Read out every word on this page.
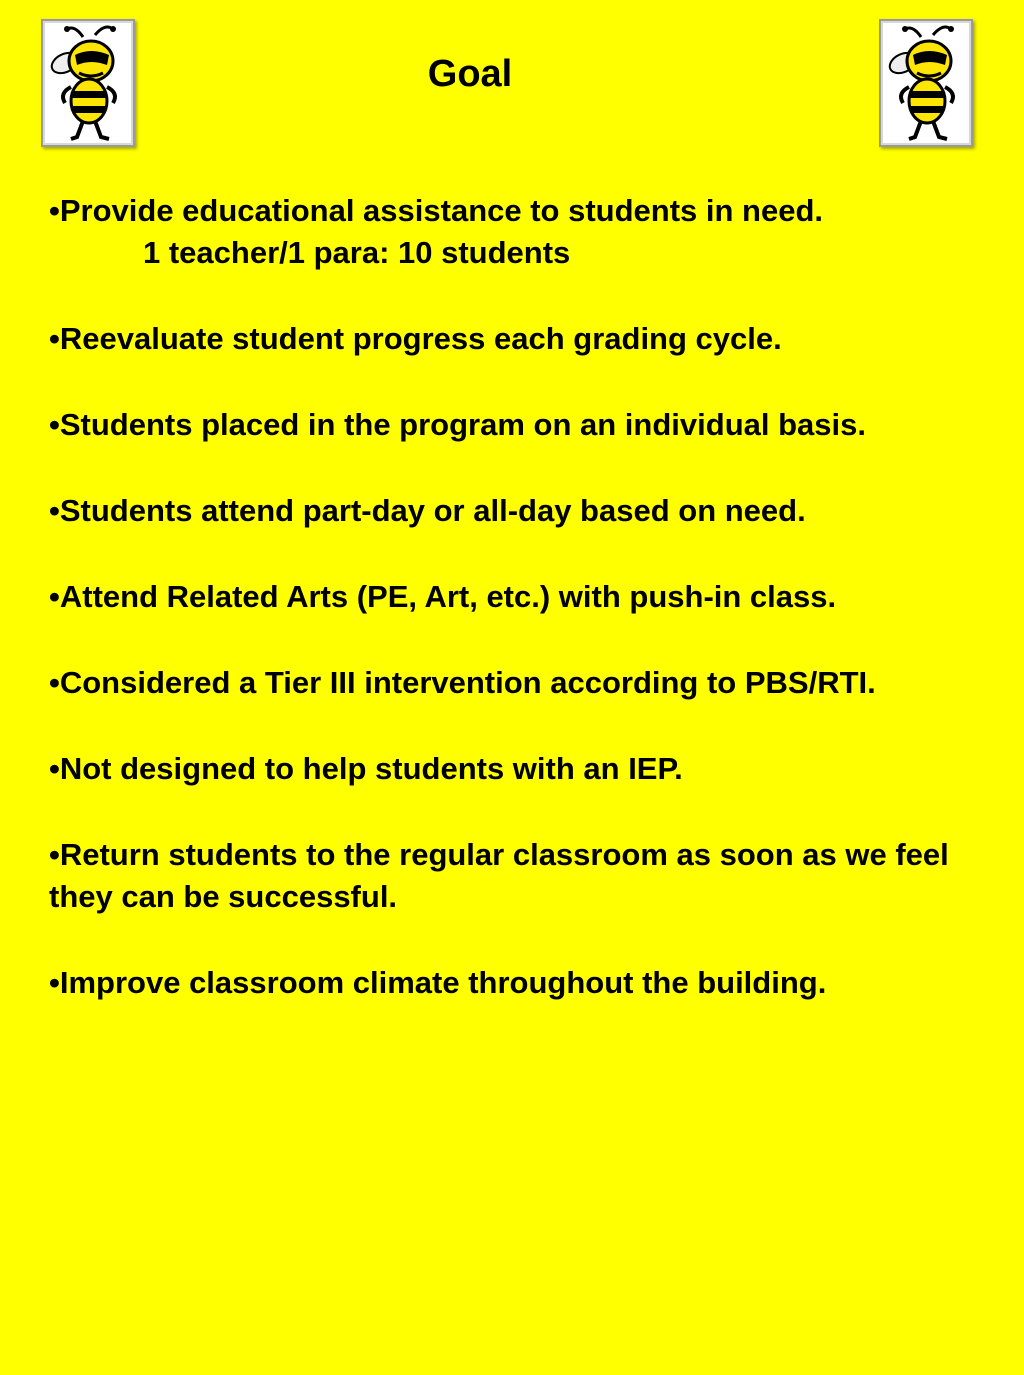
Goal
•Provide educational assistance to students in need.
1 teacher/1 para: 10 students
•Reevaluate student progress each grading cycle.
•Students placed in the program on an individual basis.
•Students attend part-day or all-day based on need.
•Attend Related Arts (PE, Art, etc.) with push-in class.
•Considered a Tier III intervention according to PBS/RTI.
•Not designed to help students with an IEP.
•Return students to the regular classroom as soon as we feel they can be successful.
•Improve classroom climate throughout the building.
